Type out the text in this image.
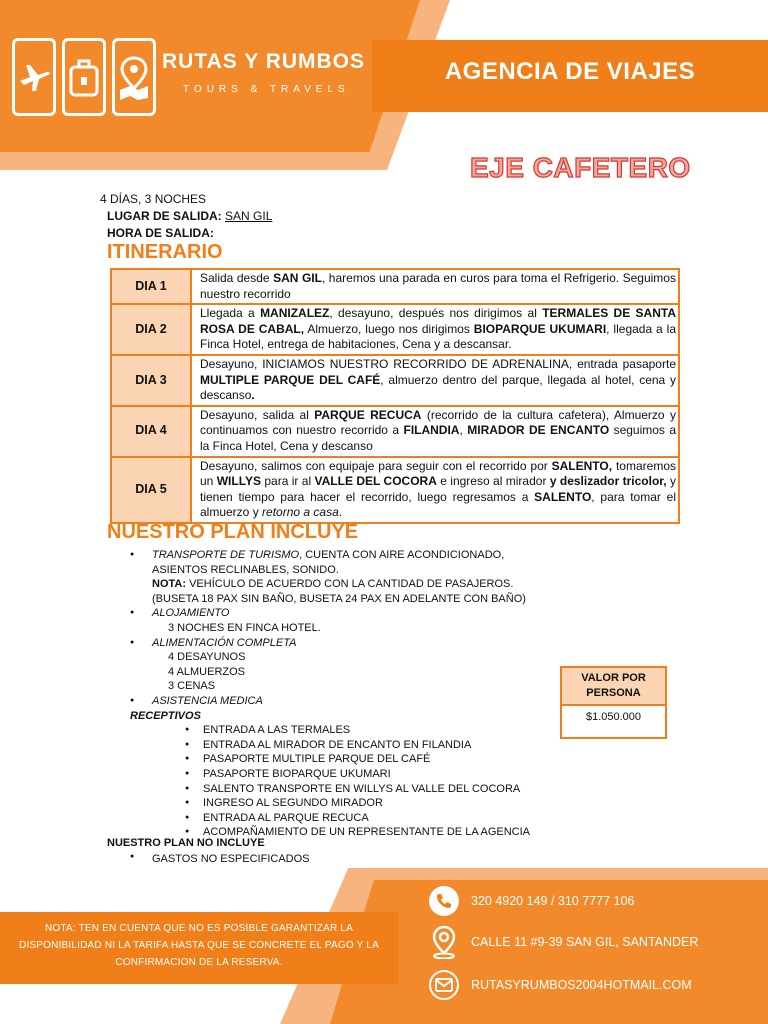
RUTAS Y RUMBOS
TOURS & TRAVELS
AGENCIA DE VIAJES
EJE CAFETERO
4 DÍAS, 3 NOCHES
LUGAR DE SALIDA: SAN GIL
HORA DE SALIDA:
ITINERARIO
DIA 1	Salida desde SAN GIL, haremos una parada en curos para toma el Refrigerio. Seguimos nuestro recorrido
DIA 2	Llegada a MANIZALEZ, desayuno, después nos dirigimos al TERMALES DE SANTA ROSA DE CABAL, Almuerzo, luego nos dirigimos BIOPARQUE UKUMARI, llegada a la Finca Hotel, entrega de habitaciones, Cena y a descansar.
DIA 3	Desayuno, INICIAMOS NUESTRO RECORRIDO DE ADRENALINA, entrada pasaporte MULTIPLE PARQUE DEL CAFÉ, almuerzo dentro del parque, llegada al hotel, cena y descanso.
DIA 4	Desayuno, salida al PARQUE RECUCA (recorrido de la cultura cafetera), Almuerzo y continuamos con nuestro recorrido a FILANDIA, MIRADOR DE ENCANTO seguimos a la Finca Hotel, Cena y descanso
DIA 5	Desayuno, salimos con equipaje para seguir con el recorrido por SALENTO, tomaremos un WILLYS para ir al VALLE DEL COCORA e ingreso al mirador y deslizador tricolor, y tienen tiempo para hacer el recorrido, luego regresamos a SALENTO, para tomar el almuerzo y retorno a casa.
NUESTRO PLAN INCLUYE
● TRANSPORTE DE TURISMO, CUENTA CON AIRE ACONDICIONADO, ASIENTOS RECLINABLES, SONIDO.
NOTA: VEHÍCULO DE ACUERDO CON LA CANTIDAD DE PASAJEROS. (BUSETA 18 PAX SIN BAÑO, BUSETA 24 PAX EN ADELANTE CON BAÑO)
● ALOJAMIENTO
3 NOCHES EN FINCA HOTEL.
● ALIMENTACIÓN COMPLETA
4 DESAYUNOS
4 ALMUERZOS
3 CENAS
● ASISTENCIA MEDICA
RECEPTIVOS
● ENTRADA A LAS TERMALES
● ENTRADA AL MIRADOR DE ENCANTO EN FILANDIA
● PASAPORTE MULTIPLE PARQUE DEL CAFÉ
● PASAPORTE BIOPARQUE UKUMARI
● SALENTO TRANSPORTE EN WILLYS AL VALLE DEL COCORA
● INGRESO AL SEGUNDO MIRADOR
● ENTRADA AL PARQUE RECUCA
● ACOMPAÑAMIENTO DE UN REPRESENTANTE DE LA AGENCIA
NUESTRO PLAN NO INCLUYE
● GASTOS NO ESPECIFICADOS
VALOR POR PERSONA
$1.050.000
NOTA: TEN EN CUENTA QUE NO ES POSIBLE GARANTIZAR LA DISPONIBILIDAD NI LA TARIFA HASTA QUE SE CONCRETE EL PAGO Y LA CONFIRMACION DE LA RESERVA.
320 4920 149 / 310 7777 106
CALLE 11 #9-39 SAN GIL, SANTANDER
RUTASYRUMBOS2004HOTMAIL.COM
